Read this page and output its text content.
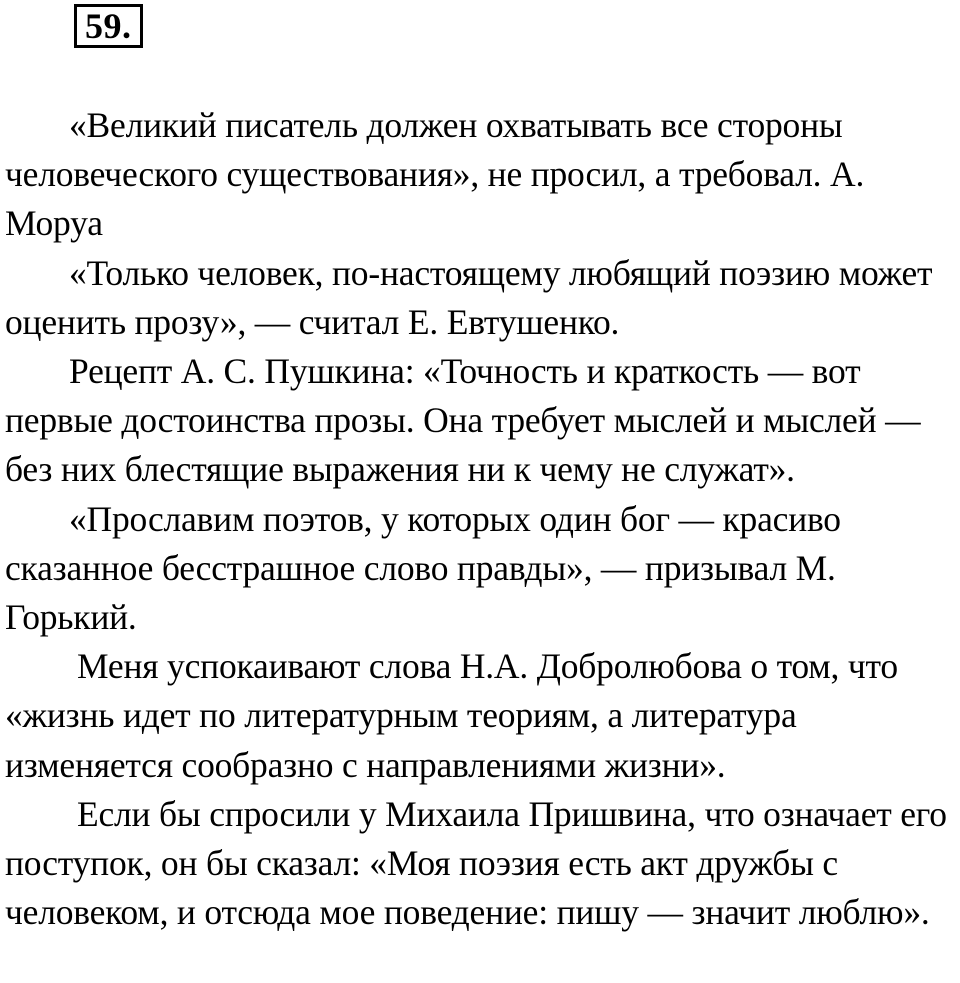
59.

«Великий писатель должен охватывать все стороны человеческого существования», не просил, а требовал. А. Моруа

«Только человек, по-настоящему любящий поэзию может оценить прозу», — считал Е. Евтушенко.

Рецепт А. С. Пушкина: «Точность и краткость — вот первые достоинства прозы. Она требует мыслей и мыслей — без них блестящие выражения ни к чему не служат».

«Прославим поэтов, у которых один бог — красиво сказанное бесстрашное слово правды», — призывал М. Горький.

Меня успокаивают слова Н.А. Добролюбова о том, что «жизнь идет по литературным теориям, а литература изменяется сообразно с направлениями жизни».

Если бы спросили у Михаила Пришвина, что означает его поступок, он бы сказал: «Моя поэзия есть акт дружбы с человеком, и отсюда мое поведение: пишу — значит люблю».
